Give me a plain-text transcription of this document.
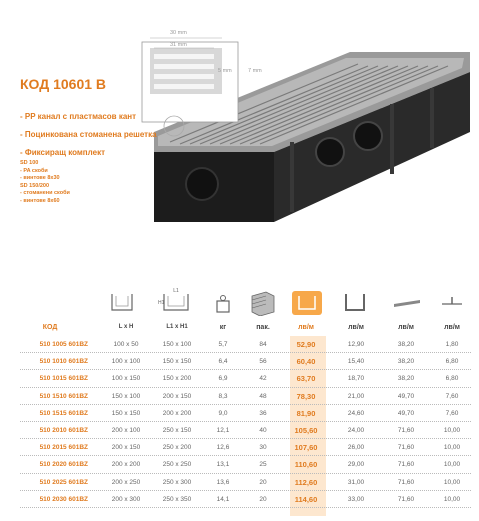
30 mm
31 mm
5 mm	7 mm
КОД 10601 B
- PP канал с пластмасов кант
- Поцинкована стоманена решетка
- Фиксиращ комплект
SD 100
- PA скоби
- винтове 8x30
SD 150/200
- стоманени скоби
- винтове 8x60
L1
H1
КОД	L x H	L1 x H1	кг	пак.	лв/м	лв/м	лв/м	лв/м
510 1005 601BZ	100 x 50	150 x 100	5,7	84	52,90	12,90	38,20	1,80
510 1010 601BZ	100 x 100	150 x 150	6,4	56	60,40	15,40	38,20	6,80
510 1015 601BZ	100 x 150	150 x 200	6,9	42	63,70	18,70	38,20	6,80
510 1510 601BZ	150 x 100	200 x 150	8,3	48	78,30	21,00	49,70	7,60
510 1515 601BZ	150 x 150	200 x 200	9,0	36	81,90	24,60	49,70	7,60
510 2010 601BZ	200 x 100	250 x 150	12,1	40	105,60	24,00	71,60	10,00
510 2015 601BZ	200 x 150	250 x 200	12,6	30	107,60	26,00	71,60	10,00
510 2020 601BZ	200 x 200	250 x 250	13,1	25	110,60	29,00	71,60	10,00
510 2025 601BZ	200 x 250	250 x 300	13,6	20	112,60	31,00	71,60	10,00
510 2030 601BZ	200 x 300	250 x 350	14,1	20	114,60	33,00	71,60	10,00
